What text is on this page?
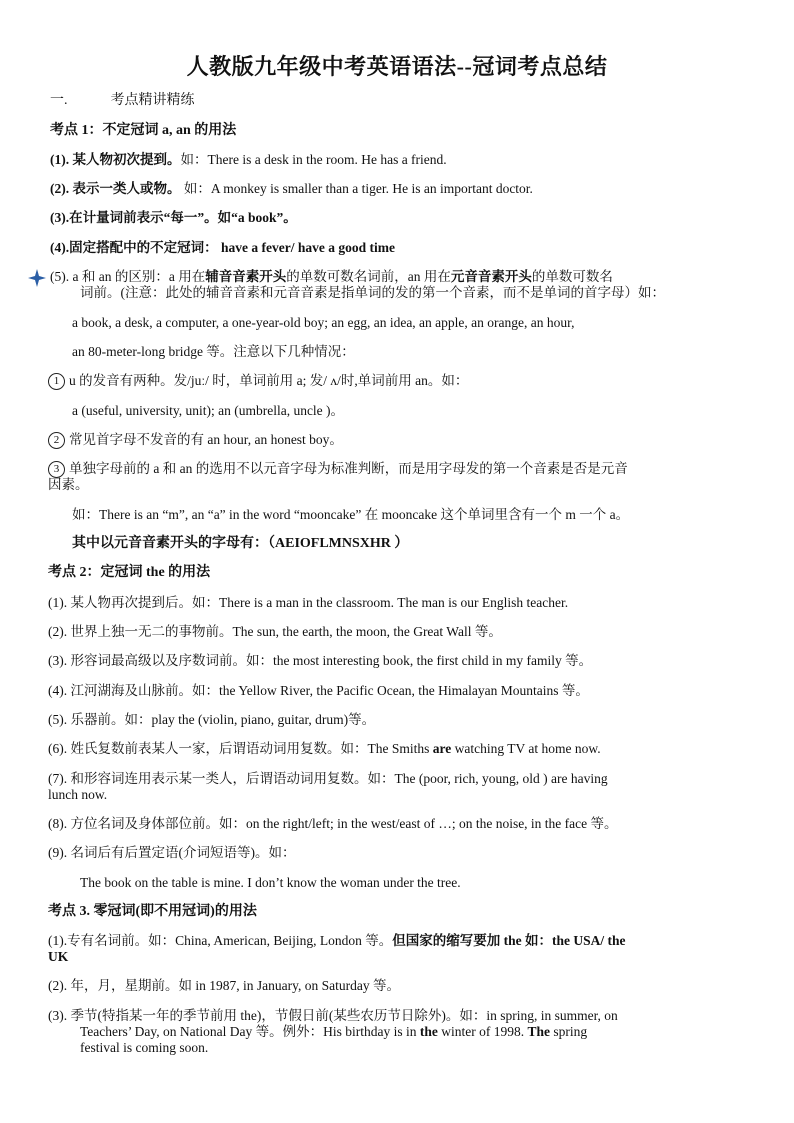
人教版九年级中考英语语法--冠词考点总结
一.	考点精讲精练
考点 1：不定冠词 a, an 的用法
(1). 某人物初次提到。如：There is a desk in the room. He has a friend.
(2). 表示一类人或物。 如：A monkey is smaller than a tiger. He is an important doctor.
(3).在计量词前表示“每一”。如“a book”。
(4).固定搭配中的不定冠词： have a fever/ have a good time
(5). a 和 an 的区别：a 用在辅音音素开头的单数可数名词前，an 用在元音音素开头的单数可数名
词前。(注意：此处的辅音音素和元音音素是指单词的发的第一个音素，而不是单词的首字母）如：
a book, a desk, a computer, a one-year-old boy; an egg, an idea, an apple, an orange, an hour,
an 80-meter-long bridge 等。注意以下几种情况：
1 u 的发音有两种。发/juː/ 时，单词前用 a; 发/ ʌ/时,单词前用 an。如：
a (useful, university, unit); an (umbrella, uncle )。
2 常见首字母不发音的有 an hour, an honest boy。
3 单独字母前的 a 和 an 的选用不以元音字母为标准判断，而是用字母发的第一个音素是否是元音
因素。
如：There is an “m”, an “a” in the word “mooncake” 在 mooncake 这个单词里含有一个 m 一个 a。
其中以元音音素开头的字母有：（AEIOFLMNSXHR ）
考点 2：定冠词 the 的用法
(1). 某人物再次提到后。如：There is a man in the classroom. The man is our English teacher.
(2). 世界上独一无二的事物前。The sun, the earth, the moon, the Great Wall 等。
(3). 形容词最高级以及序数词前。如：the most interesting book, the first child in my family 等。
(4). 江河湖海及山脉前。如：the Yellow River, the Pacific Ocean, the Himalayan Mountains 等。
(5). 乐器前。如：play the (violin, piano, guitar, drum)等。
(6). 姓氏复数前表某人一家，后谓语动词用复数。如：The Smiths are watching TV at home now.
(7). 和形容词连用表示某一类人，后谓语动词用复数。如：The (poor, rich, young, old ) are having
lunch now.
(8). 方位名词及身体部位前。如：on the right/left; in the west/east of …; on the noise, in the face 等。
(9). 名词后有后置定语(介词短语等)。如：
The book on the table is mine. I don’t know the woman under the tree.
考点 3. 零冠词(即不用冠词)的用法
(1).专有名词前。如：China, American, Beijing, London 等。但国家的缩写要加 the 如：the USA/ the
UK
(2). 年，月，星期前。如 in 1987, in January, on Saturday 等。
(3). 季节(特指某一年的季节前用 the)，节假日前(某些农历节日除外)。如：in spring, in summer, on
Teachers’ Day, on National Day 等。例外：His birthday is in the winter of 1998. The spring
festival is coming soon.
